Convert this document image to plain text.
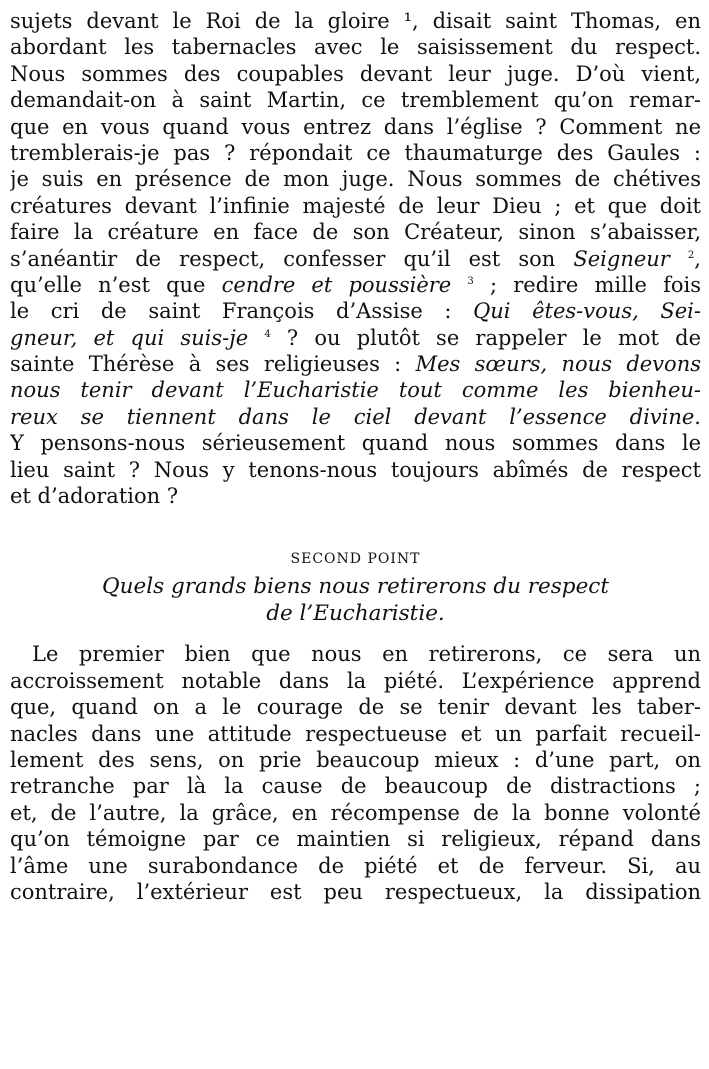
sujets devant le Roi de la gloire ¹, disait saint Thomas, en
abordant les tabernacles avec le saisissement du respect.
Nous sommes des coupables devant leur juge. D’où vient,
demandait-on à saint Martin, ce tremblement qu’on remar-
que en vous quand vous entrez dans l’église ? Comment ne
tremblerais-je pas ? répondait ce thaumaturge des Gaules :
je suis en présence de mon juge. Nous sommes de chétives
créatures devant l’infinie majesté de leur Dieu ; et que doit
faire la créature en face de son Créateur, sinon s’abaisser,
s’anéantir de respect, confesser qu’il est son Seigneur $^2$,
qu’elle n’est que cendre et poussière $^3$ ; redire mille fois
le cri de saint François d’Assise : Qui êtes-vous, Sei-
gneur, et qui suis-je $^4$ ? ou plutôt se rappeler le mot de
sainte Thérèse à ses religieuses : Mes sœurs, nous devons
nous tenir devant l’Eucharistie tout comme les bienheu-
reux se tiennent dans le ciel devant l’essence divine.
Y pensons-nous sérieusement quand nous sommes dans le
lieu saint ? Nous y tenons-nous toujours abîmés de respect
et d’adoration ?
SECOND POINT
Quels grands biens nous retirerons du respect
de l’Eucharistie.
Le premier bien que nous en retirerons, ce sera un
accroissement notable dans la piété. L’expérience apprend
que, quand on a le courage de se tenir devant les taber-
nacles dans une attitude respectueuse et un parfait recueil-
lement des sens, on prie beaucoup mieux : d’une part, on
retranche par là la cause de beaucoup de distractions ;
et, de l’autre, la grâce, en récompense de la bonne volonté
qu’on témoigne par ce maintien si religieux, répand dans
l’âme une surabondance de piété et de ferveur. Si, au
contraire, l’extérieur est peu respectueux, la dissipation
